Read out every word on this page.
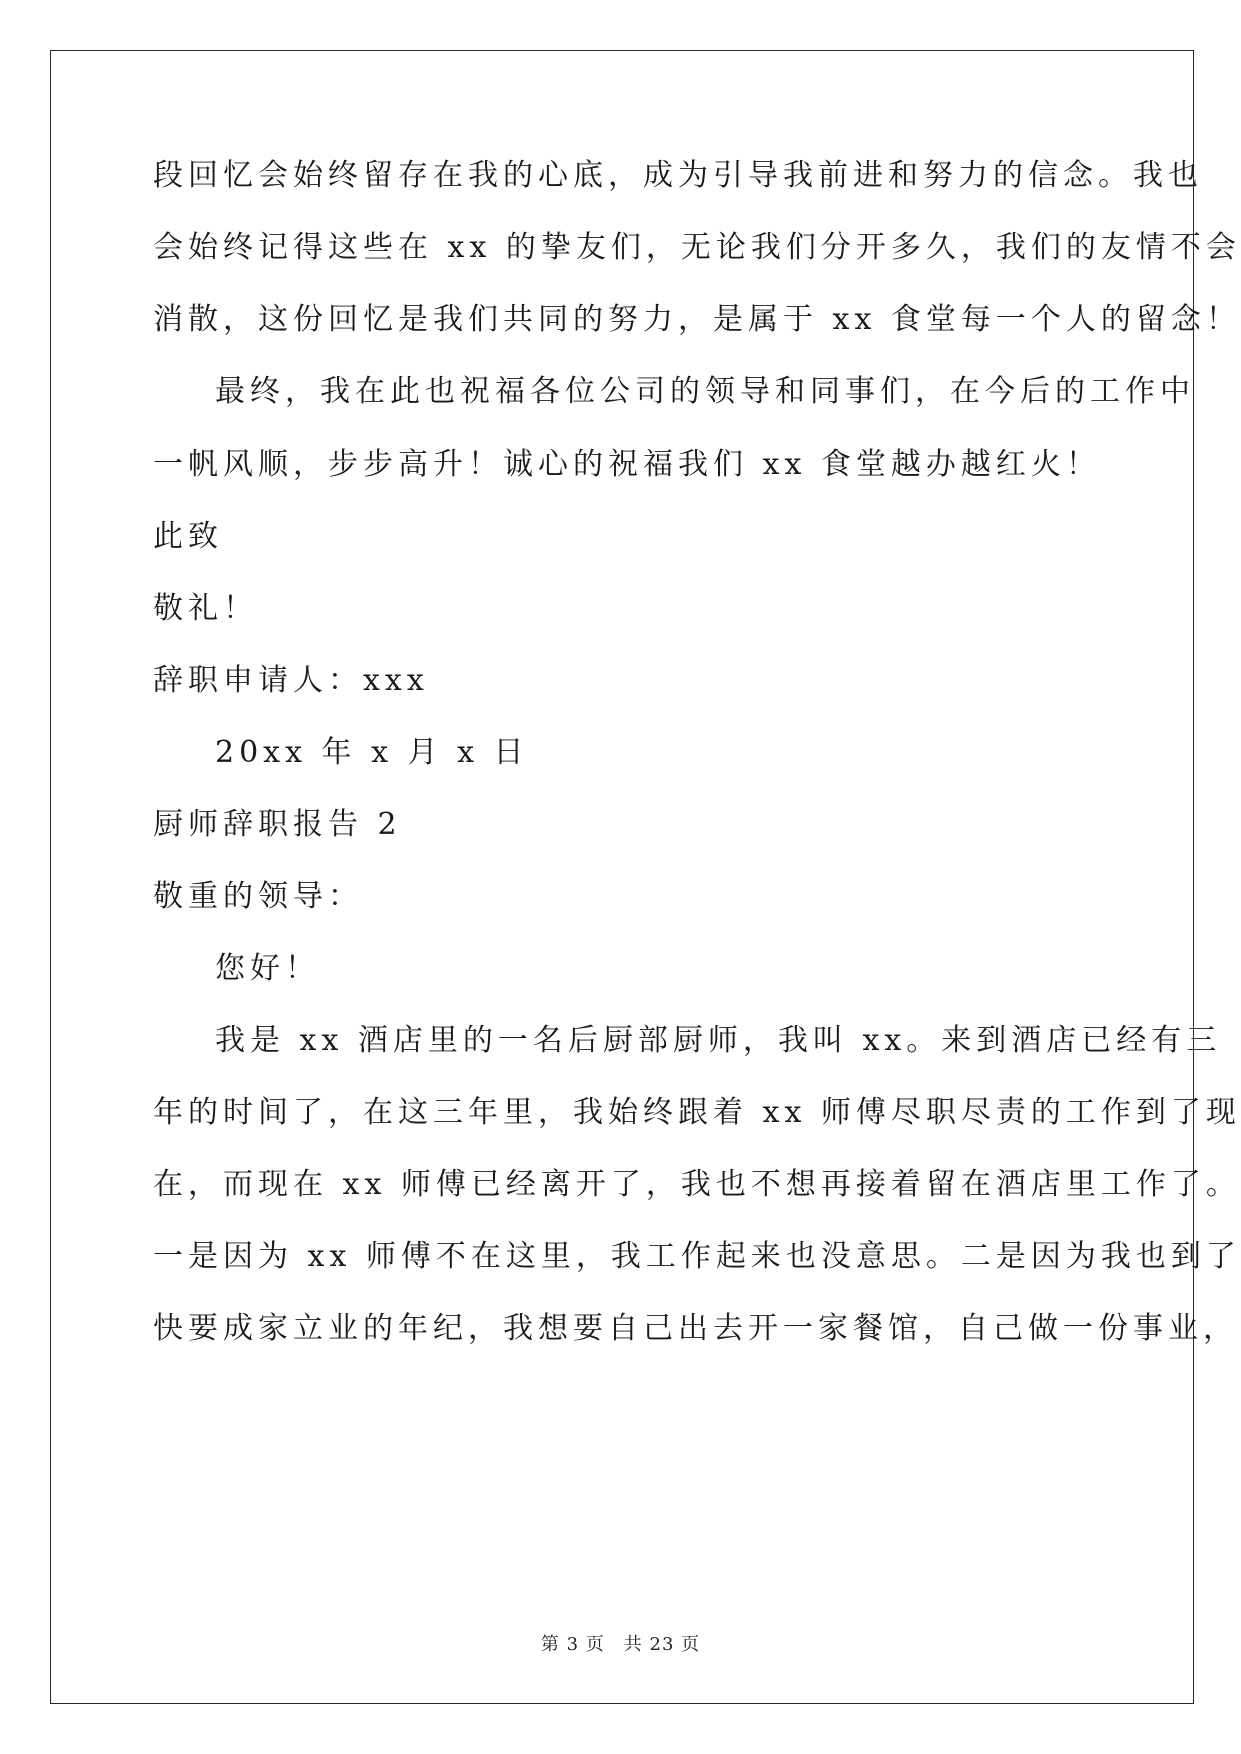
段回忆会始终留存在我的心底，成为引导我前进和努力的信念。我也
会始终记得这些在 xx 的挚友们，无论我们分开多久，我们的友情不会
消散，这份回忆是我们共同的努力，是属于 xx 食堂每一个人的留念！
最终，我在此也祝福各位公司的领导和同事们，在今后的工作中
一帆风顺，步步高升！诚心的祝福我们 xx 食堂越办越红火！
此致
敬礼！
辞职申请人：xxx
20xx 年 x 月 x 日
厨师辞职报告 2
敬重的领导：
您好！
我是 xx 酒店里的一名后厨部厨师，我叫 xx。来到酒店已经有三
年的时间了，在这三年里，我始终跟着 xx 师傅尽职尽责的工作到了现
在，而现在 xx 师傅已经离开了，我也不想再接着留在酒店里工作了。
一是因为 xx 师傅不在这里，我工作起来也没意思。二是因为我也到了
快要成家立业的年纪，我想要自己出去开一家餐馆，自己做一份事业，
第 3 页　共 23 页
